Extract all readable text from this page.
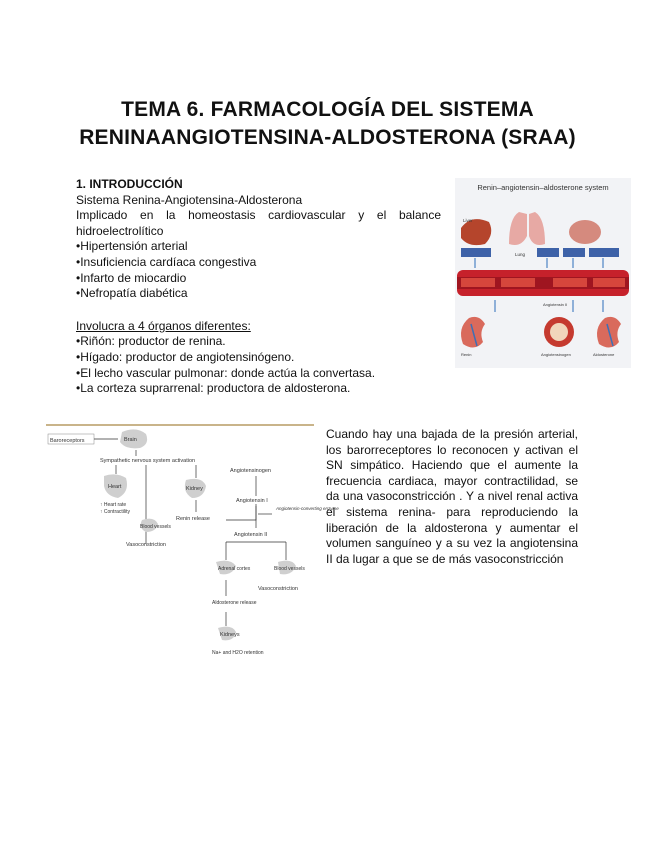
TEMA 6. FARMACOLOGÍA DEL SISTEMA
RENINAANGIOTENSINA-ALDOSTERONA (SRAA)
1. INTRODUCCIÓN
Sistema Renina-Angiotensina-Aldosterona
Implicado en la homeostasis cardiovascular y el balance hidroelectrolítico
• Hipertensión arterial
• Insuficiencia cardíaca congestiva
• Infarto de miocardio
• Nefropatía diabética
Involucra a 4 órganos diferentes:
• Riñón: productor de renina.
• Hígado: productor de angiotensinógeno.
• El lecho vascular pulmonar: donde actúa la convertasa.
• La corteza suprarrenal: productora de aldosterona.
Renin–angiotensin–aldosterone system
Liver
Lung
Angiotensin II
Renin	Angiotensinogen	Aldosterone
Baroreceptors	Brain
Sympathetic nervous system activation
Heart
↑ Heart rate
↑ Contractility
Kidney
Renin release
Blood vessels
Vasoconstriction
Angiotensinogen
Angiotensin I
Angiotensin-converting enzyme
Angiotensin II
Adrenal cortex	Blood vessels
Vasoconstriction
Aldosterone release
Kidneys
Na+ and H2O retention
Cuando hay una bajada de la presión arterial, los barorreceptores lo reconocen y activan el SN simpático. Haciendo que el aumente la frecuencia cardiaca, mayor contractilidad, se da una vasoconstricción . Y a nivel renal activa el sistema renina- para reproduciendo la liberación de la aldosterona y aumentar el volumen sanguíneo y a su vez la angiotensina II da lugar a que se de más vasoconstricción
